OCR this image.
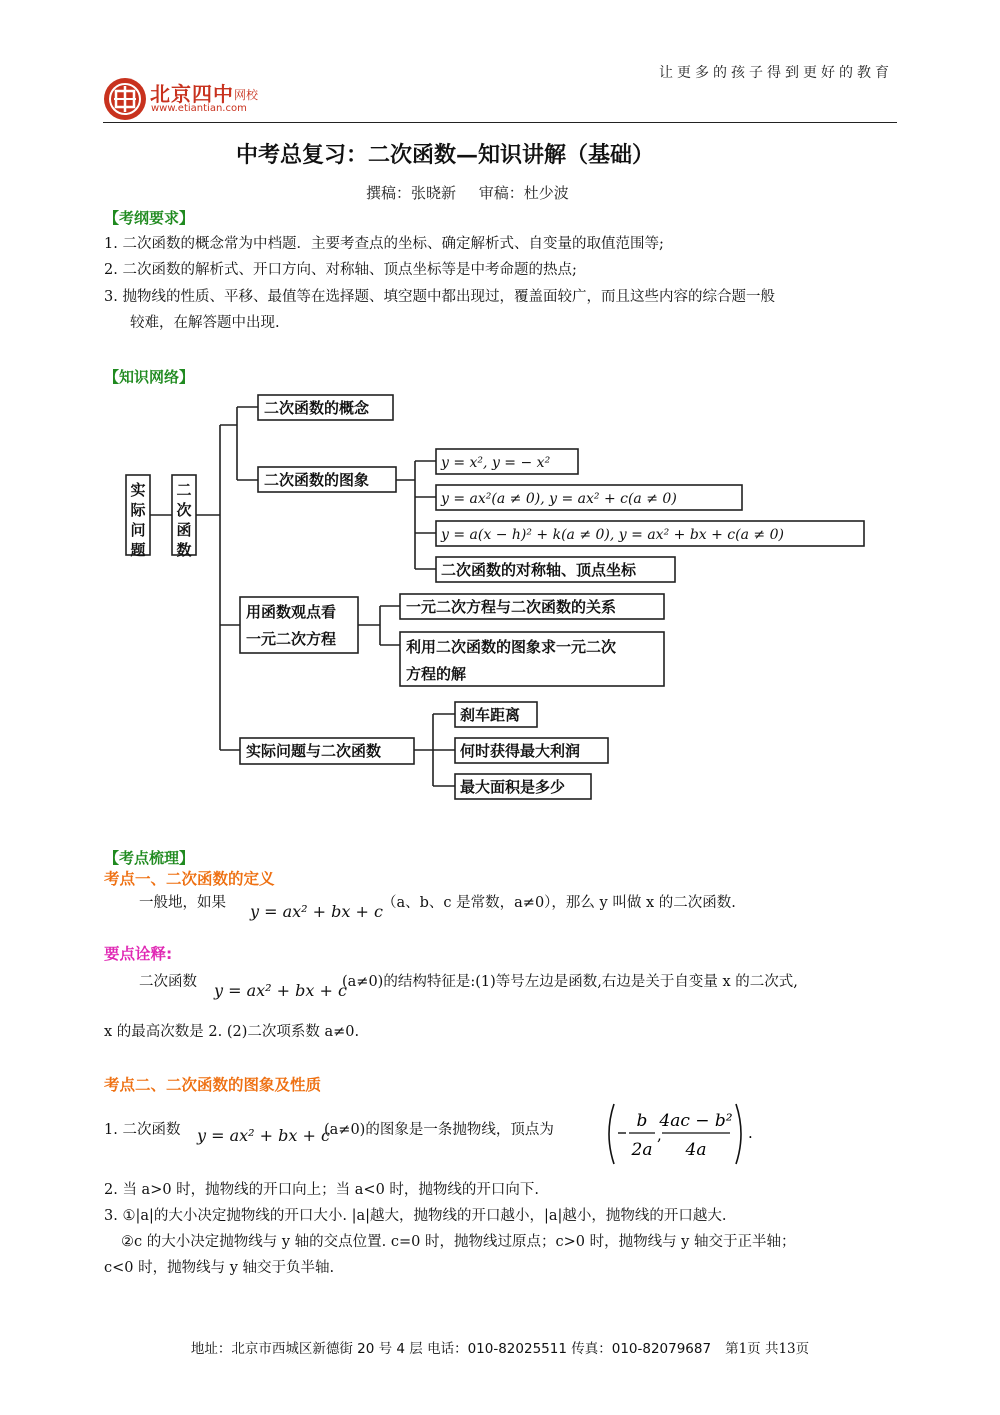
让更多的孩子得到更好的教育
北京四中 网校
www.etiantian.com
中考总复习：二次函数—知识讲解（基础）
撰稿：张晓新 审稿：杜少波
【考纲要求】
1. 二次函数的概念常为中档题．主要考查点的坐标、确定解析式、自变量的取值范围等;
2. 二次函数的解析式、开口方向、对称轴、顶点坐标等是中考命题的热点;
3. 抛物线的性质、平移、最值等在选择题、填空题中都出现过，覆盖面较广，而且这些内容的综合题一般
较难，在解答题中出现.
【知识网络】
实
际
问
题
二
次
函
数
二次函数的概念
二次函数的图象
用函数观点看
一元二次方程
实际问题与二次函数
一元二次方程与二次函数的关系
利用二次函数的图象求一元二次
方程的解
二次函数的对称轴、顶点坐标
刹车距离
何时获得最大利润
最大面积是多少
y = x², y = − x²
y = ax²(a ≠ 0), y = ax² + c(a ≠ 0)
y = a(x − h)² + k(a ≠ 0), y = ax² + bx + c(a ≠ 0)
【考点梳理】
考点一、二次函数的定义
一般地，如果 y = ax² + bx + c （a、b、c 是常数，a≠0），那么 y 叫做 x 的二次函数.
要点诠释:
二次函数 y = ax² + bx + c
(a≠0)的结构特征是:(1)等号左边是函数,右边是关于自变量 x 的二次式,
x 的最高次数是 2. (2)二次项系数 a≠0.
考点二、二次函数的图象及性质
1. 二次函数 y = ax² + bx + c
(a≠0)的图象是一条抛物线，顶点为	b
2a
,
4ac − b²
4a
.
2. 当 a>0 时，抛物线的开口向上；当 a<0 时，抛物线的开口向下.
3. ①|a|的大小决定抛物线的开口大小. |a|越大，抛物线的开口越小，|a|越小，抛物线的开口越大.
②c 的大小决定抛物线与 y 轴的交点位置. c=0 时，抛物线过原点；c>0 时，抛物线与 y 轴交于正半轴；
c<0 时，抛物线与 y 轴交于负半轴.
地址：北京市西城区新德街 20 号 4 层 电话：010-82025511 传真：010-82079687 第1页 共13页
